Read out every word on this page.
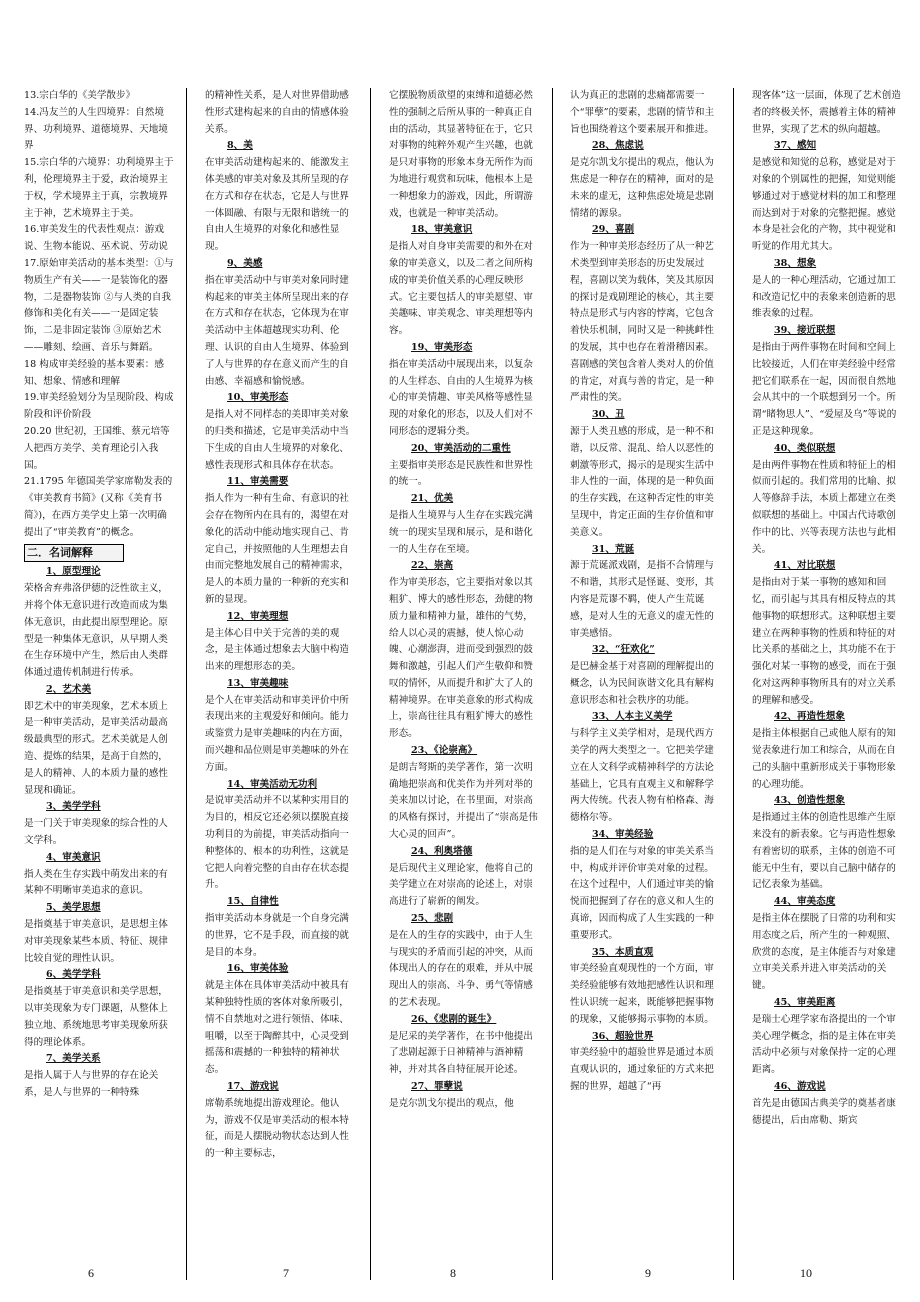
13.宗白华的《美学散步》

14.冯友兰的人生四境界：自然境界、功利境界、道德境界、天地境界

15.宗白华的六境界：功利境界主于利，伦理境界主于爱，政治境界主于权，学术境界主于真，宗教境界主于神，艺术境界主于美。

16.审美发生的代表性观点：游戏说、生物本能说、巫术说、劳动说

17.原始审美活动的基本类型：①与物质生产有关——一是装饰化的器物，二是器物装饰 ②与人类的自我修饰和美化有关——一是固定装饰，二是非固定装饰 ③原始艺术——雕刻、绘画、音乐与舞蹈。

18 构成审美经验的基本要素：感知、想象、情感和理解

19.审美经验划分为呈现阶段、构成阶段和评价阶段

20.20 世纪初，王国维、蔡元培等人把西方美学、美育理论引入我国。

21.1795 年德国美学家席勒发表的《审美教育书简》(又称《美育书简》)，在西方美学史上第一次明确提出了“审美教育”的概念。

二．名词解释

1、原型理论

荣格舍弃弗洛伊德的泛性欲主义，并将个体无意识进行改造而成为集体无意识，由此提出原型理论。原型是一种集体无意识，从早期人类在生存环境中产生，然后由人类群体通过遗传机制进行传承。

2、艺术美

即艺术中的审美现象，艺术本质上是一种审美活动，是审美活动最高级最典型的形式。艺术美就是人创造、提炼的结果，是高于自然的，是人的精神、人的本质力量的感性显现和确证。

3、美学学科

是一门关于审美现象的综合性的人文学科。

4、审美意识

指人类在生存实践中萌发出来的有某种不明晰审美追求的意识。

5、美学思想

是指奠基于审美意识，是思想主体对审美现象某些本质、特征、规律比较自觉的理性认识。

6、美学学科

是指奠基于审美意识和美学思想，以审美现象为专门课题，从整体上独立地、系统地思考审美现象所获得的理论体系。

7、美学关系

是指人属于人与世界的存在论关系，是人与世界的一种特殊

的精神性关系，是人对世界借助感性形式建构起来的自由的情感体验关系。

8、美

在审美活动建构起来的、能激发主体美感的审美对象及其所呈现的存在方式和存在状态，它是人与世界一体圆融、有限与无限和谐统一的自由人生境界的对象化和感性显现。

9、美感

指在审美活动中与审美对象同时建构起来的审美主体所呈现出来的存在方式和存在状态，它体现为在审美活动中主体超越现实功利、伦理、认识的自由人生境界、体验到了人与世界的存在意义而产生的自由感、幸福感和愉悦感。

10、审美形态

是指人对不同样态的美即审美对象的归类和描述，它是审美活动中当下生成的自由人生境界的对象化、感性表现形式和具体存在状态。

11、审美需要

指人作为一种有生命、有意识的社会存在物所内在具有的，渴望在对象化的活动中能动地实现自己、肯定自己，并按照他的人生理想去自由而完整地发展自己的精神需求，是人的本质力量的一种新的充实和新的显现。

12、审美理想

是主体心目中关于完善的美的观念，是主体通过想象去大脑中构造出来的理想形态的美。

13、审美趣味

是个人在审美活动和审美评价中所表现出来的主观爱好和倾向。能力或鉴赏力是审美趣味的内在方面，而兴趣和品位则是审美趣味的外在方面。

14、审美活动无功利

是说审美活动并不以某种实用目的为目的，相反它还必须以摆脱直接功利目的为前提，审美活动指向一种整体的、根本的功利性，这就是它把人向着完整的自由存在状态提升。

15、自律性

指审美活动本身就是一个自身完满的世界，它不是手段，而直接的就是目的本身。

16、审美体验

就是主体在具体审美活动中被具有某种独特性质的客体对象所吸引，情不自禁地对之进行领悟、体味、咀嚼，以至于陶醉其中，心灵受到摇荡和震撼的一种独特的精神状态。

17、游戏说

席勒系统地提出游戏理论。他认为，游戏不仅是审美活动的根本特征，而是人摆脱动物状态达到人性的一种主要标志，

它摆脱物质欲望的束缚和道德必然性的强制之后所从事的一种真正自由的活动，其显著特征在于，它只对事物的纯粹外观产生兴趣，也就是只对事物的形象本身无所作为而为地进行观赏和玩味，他根本上是一种想象力的游戏，因此，所谓游戏，也就是一种审美活动。

18、审美意识

是指人对自身审美需要的和外在对象的审美意义，以及二者之间所构成的审美价值关系的心理反映形式。它主要包括人的审美愿望、审美趣味、审美观念、审美理想等内容。

19、审美形态

指在审美活动中展现出来，以复杂的人生样态、自由的人生境界为核心的审美情趣、审美风格等感性显现的对象化的形态，以及人们对不同形态的逻辑分类。

20、审美活动的二重性

主要指审美形态是民族性和世界性的统一。

21、优美

是指人生境界与人生存在实践完满统一的现实呈现和展示，是和谐化一的人生存在至境。

22、崇高

作为审美形态，它主要指对象以其粗犷、博大的感性形态，劲健的物质力量和精神力量，雄伟的气势，给人以心灵的震撼，使人惊心动魄、心潮澎湃，进而受到强烈的鼓舞和激越，引起人们产生敬仰和赞叹的情怀，从而提升和扩大了人的精神境界。在审美意象的形式构成上，崇高往往具有粗犷博大的感性形态。

23、《论崇高》

是朗吉弩斯的美学著作，第一次明确地把崇高和优美作为并列对举的美来加以讨论，在书里面，对崇高的风格有探讨，并提出了“崇高是伟大心灵的回声”。

24、利奥塔德

是后现代主义理论家，他将自己的美学建立在对崇高的论述上，对崇高进行了崭新的阐发。

25、悲剧

是在人的生存的实践中，由于人生与现实的矛盾而引起的冲突，从而体现出人的存在的艰难，并从中展现出人的崇高、斗争、勇气等情感的艺术表现。

26、《悲剧的诞生》

是尼采的美学著作，在书中他提出了悲剧起源于日神精神与酒神精神，并对其各自特征展开论述。

27、罪孽说

是克尔凯戈尔提出的观点，他

认为真正的悲剧的悲痛都需要一个“罪孽”的要素，悲剧的情节和主旨也围绕着这个要素展开和推进。

28、焦虑说

是克尔凯戈尔提出的观点，他认为焦虑是一种存在的精神，面对的是未来的虚无，这种焦虑处境是悲剧情绪的源泉。

29、喜剧

作为一种审美形态经历了从一种艺术类型到审美形态的历史发展过程，喜剧以笑为载体，笑及其原因的探讨是戏剧理论的核心，其主要特点是形式与内容的悖离，它包含着快乐机制，同时又是一种挑衅性的发展，其中也存在着滑稽因素。喜剧感的笑包含着人类对人的价值的肯定，对真与善的肯定，是一种严肃性的笑。

30、丑

源于人类丑感的形成，是一种不和谐，以反常、混乱、给人以恶性的刺激等形式，揭示的是现实生活中非人性的一面，体现的是一种负面的生存实践，在这种否定性的审美呈现中，肯定正面的生存价值和审美意义。

31、荒诞

源于荒诞派戏剧，是指不合情理与不和谐，其形式是怪诞、变形，其内容是荒谬不羁，使人产生荒诞感，是对人生的无意义的虚无性的审美感悟。

32、“狂欢化”

是巴赫金基于对喜剧的理解提出的概念，认为民间诙谐文化具有解构意识形态和社会秩序的功能。

33、人本主义美学

与科学主义美学相对，是现代西方美学的两大类型之一。它把美学建立在人文科学或精神科学的方法论基础上，它具有直观主义和解释学两大传统。代表人物有柏格森、海德格尔等。

34、审美经验

指的是人们在与对象的审美关系当中，构成并评价审美对象的过程。在这个过程中，人们通过审美的愉悦而把握到了存在的意义和人生的真谛，因而构成了人生实践的一种重要形式。

35、本质直观

审美经验直观现性的一个方面，审美经验能够有效地把感性认识和理性认识统一起来，既能够把握事物的现象，又能够揭示事物的本质。

36、超验世界

审美经验中的超验世界是通过本质直观认识的，通过象征的方式来把握的世界，超越了“再

现客体”这一层面，体现了艺术创造者的终极关怀，震撼着主体的精神世界，实现了艺术的纵向超越。

37、感知

是感觉和知觉的总称，感觉是对于对象的个别属性的把握，知觉则能够通过对于感觉材料的加工和整理而达到对于对象的完整把握。感觉本身是社会化的产物，其中视觉和听觉的作用尤其大。

38、想象

是人的一种心理活动，它通过加工和改造记忆中的表象来创造新的思维表象的过程。

39、接近联想

是指由于两件事物在时间和空间上比较接近，人们在审美经验中经常把它们联系在一起，因而很自然地会从其中的一个联想到另一个。所谓“睹物思人”、“爱屋及乌”等说的正是这种现象。

40、类似联想

是由两件事物在性质和特征上的相似而引起的。我们常用的比喻、拟人等修辞手法，本质上都建立在类似联想的基础上。中国古代诗歌创作中的比、兴等表现方法也与此相关。

41、对比联想

是指由对于某一事物的感知和回忆，而引起与其具有相反特点的其他事物的联想形式。这种联想主要建立在两种事物的性质和特征的对比关系的基础之上，其功能不在于强化对某一事物的感受，而在于强化对这两种事物所具有的对立关系的理解和感受。

42、再造性想象

是指主体根据自己或他人原有的知觉表象进行加工和综合，从而在自己的头脑中重新形成关于事物形象的心理功能。

43、创造性想象

是指通过主体的创造性思维产生原来没有的新表象。它与再造性想象有着密切的联系，主体的创造不可能无中生有，要以自己脑中储存的记忆表象为基础。

44、审美态度

是指主体在摆脱了日常的功利和实用态度之后，所产生的一种观照、欣赏的态度，是主体能否与对象建立审美关系并进入审美活动的关键。

45、审美距离

是瑞士心理学家布洛提出的一个审美心理学概念，指的是主体在审美活动中必须与对象保持一定的心理距离。

46、游戏说

首先是由德国古典美学的奠基者康德提出，后由席勒、斯宾

6	7	8	9	10
